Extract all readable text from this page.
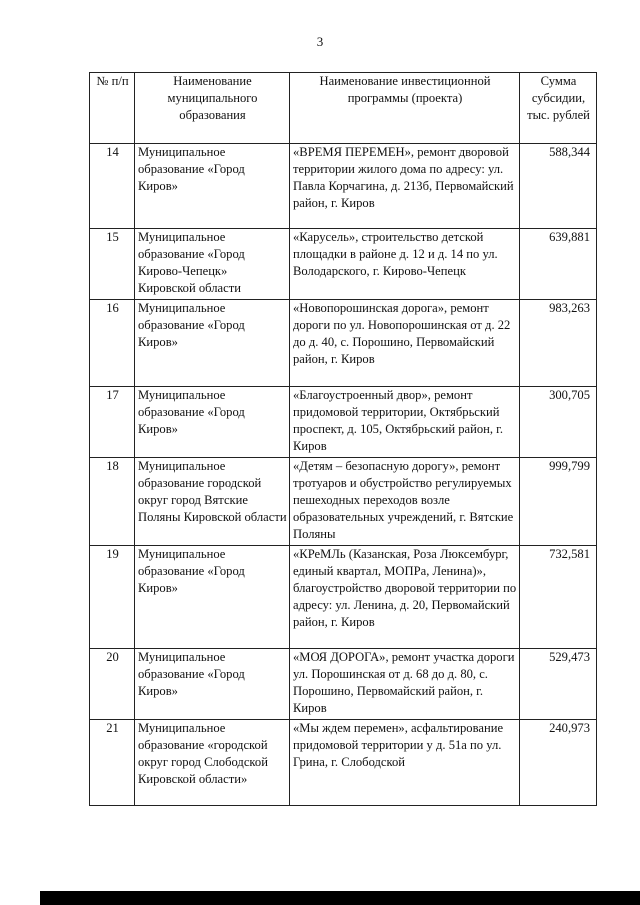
3
№ п/п	Наименование муниципального образования	Наименование инвестиционной программы (проекта)	Сумма субсидии, тыс. рублей
14	Муниципальное образование «Город Киров»	«ВРЕМЯ ПЕРЕМЕН», ремонт дворовой территории жилого дома по адресу: ул. Павла Корчагина, д. 213б, Первомайский район, г. Киров	588,344
15	Муниципальное образование «Город Кирово-Чепецк» Кировской области	«Карусель», строительство детской площадки в районе д. 12 и д. 14 по ул. Володарского, г. Кирово-Чепецк	639,881
16	Муниципальное образование «Город Киров»	«Новопорошинская дорога», ремонт дороги по ул. Новопорошинская от д. 22 до д. 40, с. Порошино, Первомайский район, г. Киров	983,263
17	Муниципальное образование «Город Киров»	«Благоустроенный двор», ремонт придомовой территории, Октябрьский проспект, д. 105, Октябрьский район, г. Киров	300,705
18	Муниципальное образование городской округ город Вятские Поляны Кировской области	«Детям – безопасную дорогу», ремонт тротуаров и обустройство регулируемых пешеходных переходов возле образовательных учреждений, г. Вятские Поляны	999,799
19	Муниципальное образование «Город Киров»	«КРеМЛь (Казанская, Роза Люксембург, единый квартал, МОПРа, Ленина)», благоустройство дворовой территории по адресу: ул. Ленина, д. 20, Первомайский район, г. Киров	732,581
20	Муниципальное образование «Город Киров»	«МОЯ ДОРОГА», ремонт участка дороги ул. Порошинская от д. 68 до д. 80, с. Порошино, Первомайский район, г. Киров	529,473
21	Муниципальное образование «городской округ город Слободской Кировской области»	«Мы ждем перемен», асфальтирование придомовой территории у д. 51а по ул. Грина, г. Слободской	240,973
